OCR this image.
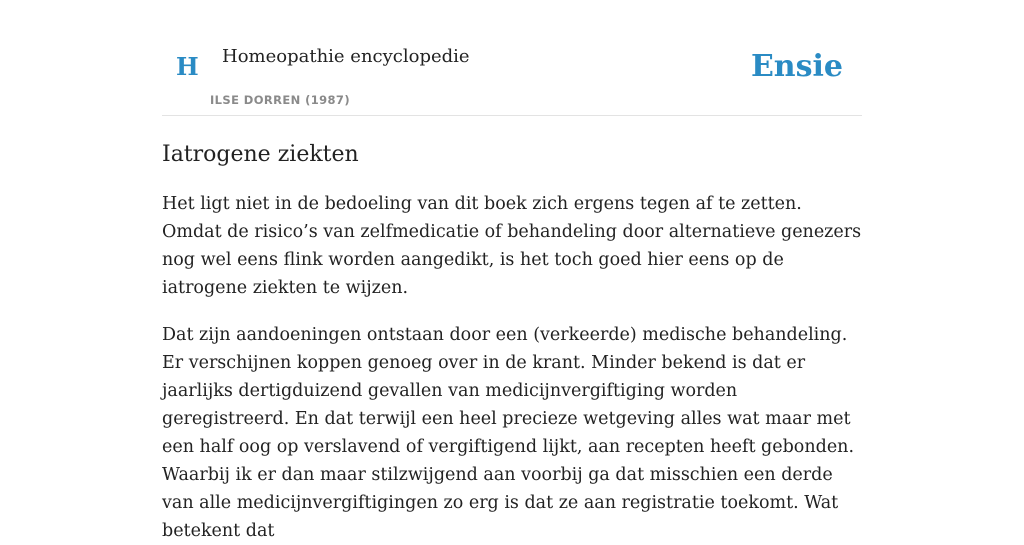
H Homeopathie encyclopedie
ILSE DORREN (1987)
Ensie
Iatrogene ziekten

Het ligt niet in de bedoeling van dit boek zich ergens tegen af te zetten. Omdat de risico’s van zelfmedicatie of behandeling door alternatieve genezers nog wel eens flink worden aangedikt, is het toch goed hier eens op de iatrogene ziekten te wijzen.

Dat zijn aandoeningen ontstaan door een (verkeerde) medische behandeling. Er verschijnen koppen genoeg over in de krant. Minder bekend is dat er jaarlijks dertigduizend gevallen van medicijnvergiftiging worden geregistreerd. En dat terwijl een heel precieze wetgeving alles wat maar met een half oog op verslavend of vergiftigend lijkt, aan recepten heeft gebonden. Waarbij ik er dan maar stilzwijgend aan voorbij ga dat misschien een derde van alle medicijnvergiftigingen zo erg is dat ze aan registratie toekomt. Wat betekent dat
